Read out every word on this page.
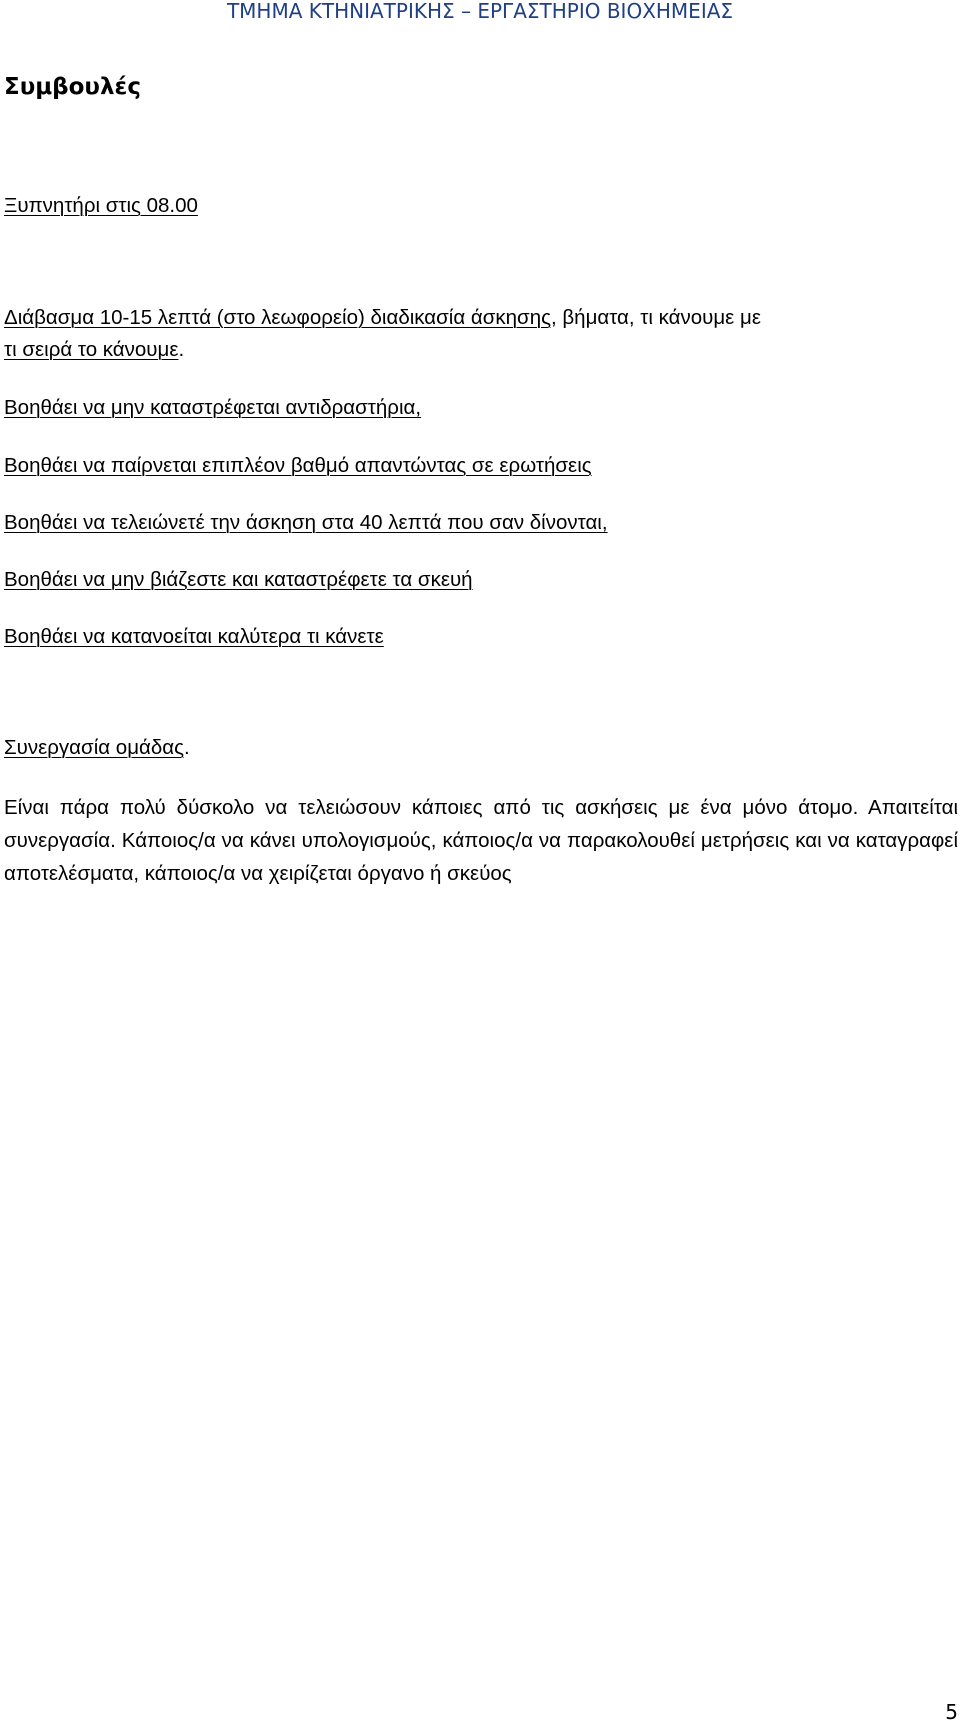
ΤΜΗΜΑ ΚΤΗΝΙΑΤΡΙΚΗΣ – ΕΡΓΑΣΤΗΡΙΟ ΒΙΟΧΗΜΕΙΑΣ
Συμβουλές
Ξυπνητήρι στις 08.00
Διάβασμα 10-15 λεπτά (στο λεωφορείο) διαδικασία άσκησης, βήματα, τι κάνουμε με
τι σειρά το κάνουμε.
Βοηθάει να μην καταστρέφεται αντιδραστήρια,
Βοηθάει να παίρνεται επιπλέον βαθμό απαντώντας σε ερωτήσεις
Βοηθάει να τελειώνετέ την άσκηση στα 40 λεπτά που σαν δίνονται,
Βοηθάει να μην βιάζεστε και καταστρέφετε τα σκευή
Βοηθάει να κατανοείται καλύτερα τι κάνετε
Συνεργασία ομάδας.
Είναι πάρα πολύ δύσκολο να τελειώσουν κάποιες από τις ασκήσεις με ένα μόνο άτομο. Απαιτείται συνεργασία. Κάποιος/α να κάνει υπολογισμούς, κάποιος/α να παρακολουθεί μετρήσεις και να καταγραφεί αποτελέσματα, κάποιος/α να χειρίζεται όργανο ή σκεύος
5
